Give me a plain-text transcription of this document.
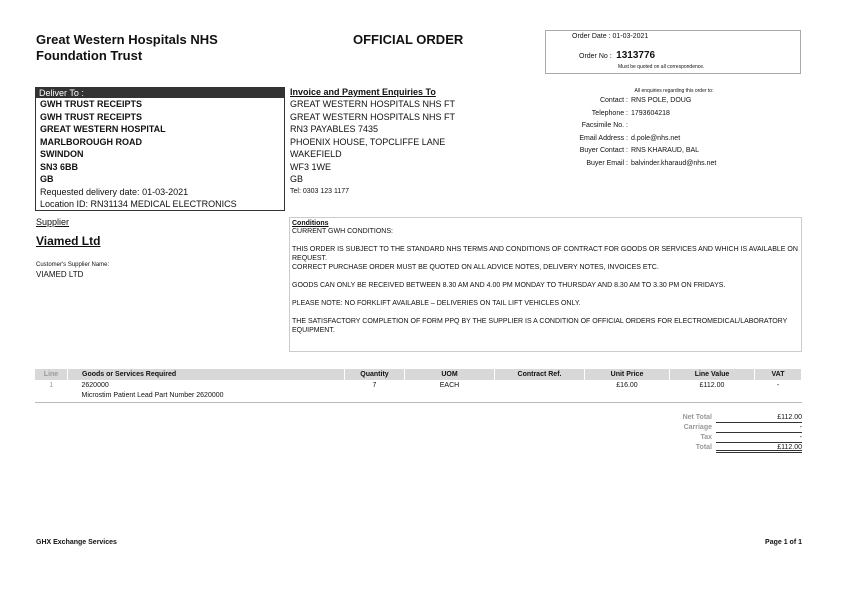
Great Western Hospitals NHS
Foundation Trust
OFFICIAL ORDER	Order Date : 01-03-2021
Order No : 1313776
Must be quoted on all correspondence.
Deliver To :
GWH TRUST RECEIPTS
GWH TRUST RECEIPTS
GREAT WESTERN HOSPITAL
MARLBOROUGH ROAD
SWINDON
SN3 6BB
GB
Requested delivery date: 01-03-2021
Location ID: RN31134 MEDICAL ELECTRONICS
Invoice and Payment Enquiries To
GREAT WESTERN HOSPITALS NHS FT
GREAT WESTERN HOSPITALS NHS FT
RN3 PAYABLES 7435
PHOENIX HOUSE, TOPCLIFFE LANE
WAKEFIELD
WF3 1WE
GB
Tel: 0303 123 1177
All enquiries regarding this order to:
Contact : RNS POLE, DOUG
Telephone : 1793604218
Facsimile No. :
Email Address : d.pole@nhs.net
Buyer Contact : RNS KHARAUD, BAL
Buyer Email : balvinder.kharaud@nhs.net
Supplier
Viamed Ltd
Customer's Supplier Name:
VIAMED LTD
Conditions

CURRENT GWH CONDITIONS:

THIS ORDER IS SUBJECT TO THE STANDARD NHS TERMS AND CONDITIONS OF CONTRACT FOR GOODS OR SERVICES AND WHICH IS AVAILABLE ON REQUEST.

CORRECT PURCHASE ORDER MUST BE QUOTED ON ALL ADVICE NOTES, DELIVERY NOTES, INVOICES ETC.

GOODS CAN ONLY BE RECEIVED BETWEEN 8.30 AM AND 4.00 PM MONDAY TO THURSDAY AND 8.30 AM TO 3.30 PM ON FRIDAYS.

PLEASE NOTE: NO FORKLIFT AVAILABLE – DELIVERIES ON TAIL LIFT VEHICLES ONLY.

THE SATISFACTORY COMPLETION OF FORM PPQ BY THE SUPPLIER IS A CONDITION OF OFFICIAL ORDERS FOR ELECTROMEDICAL/LABORATORY EQUIPMENT.

Line	Goods or Services Required	Quantity	UOM	Contract Ref.	Unit Price	Line Value	VAT
1	2620000
Microstim Patient Lead Part Number 2620000	7	EACH		£16.00	£112.00	-
Net Total	£112.00
Carriage	-
Tax	-
Total	£112.00
GHX Exchange Services	Page 1 of 1
